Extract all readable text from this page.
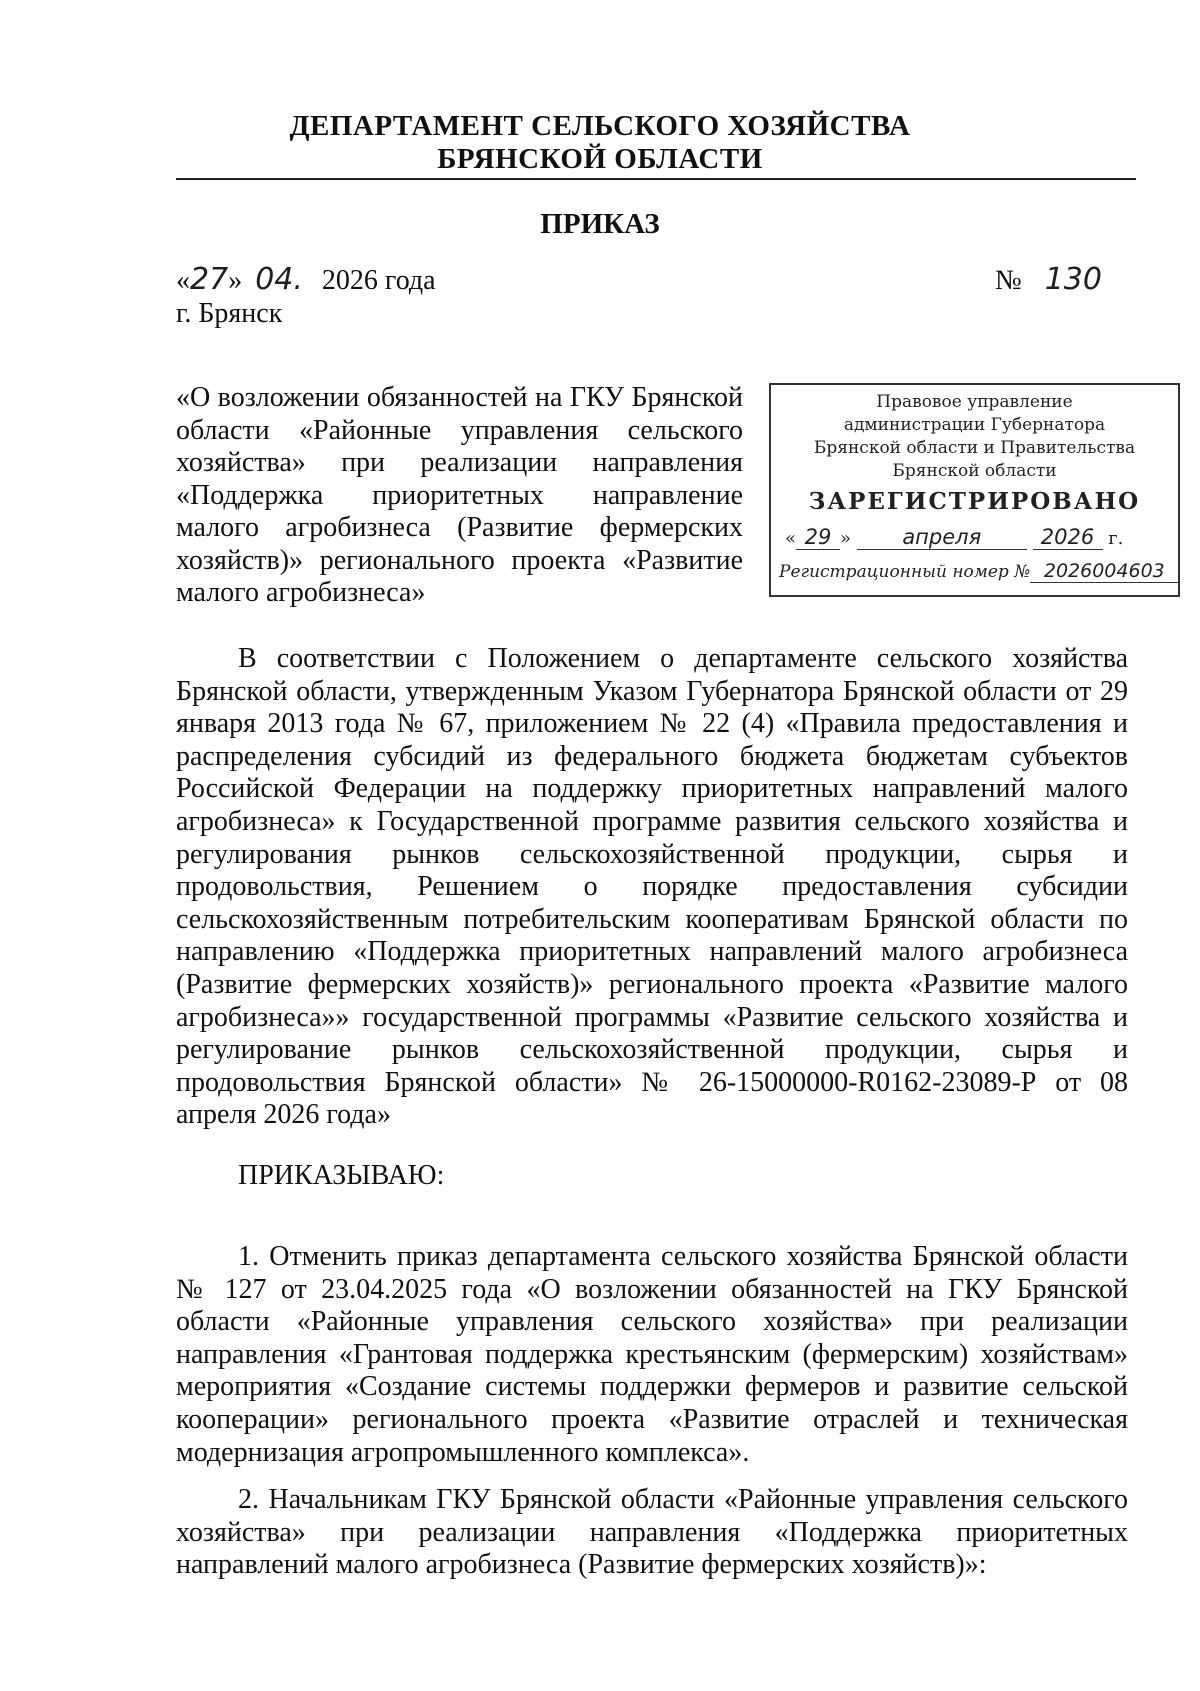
ДЕПАРТАМЕНТ СЕЛЬСКОГО ХОЗЯЙСТВА
БРЯНСКОЙ ОБЛАСТИ
ПРИКАЗ
«27» 04. 2026 года	№ 130
г. Брянск
«О возложении обязанностей на ГКУ Брянской области «Районные управления сельского хозяйства» при реализации направления «Поддержка приоритетных направление малого агробизнеса (Развитие фермерских хозяйств)» регионального проекта «Развитие малого агробизнеса»
Правовое управление
администрации Губернатора
Брянской области и Правительства
Брянской области
ЗАРЕГИСТРИРОВАНО
« 29 » апреля	2026 г.
Регистрационный номер № 2026004603
В соответствии с Положением о департаменте сельского хозяйства Брянской области, утвержденным Указом Губернатора Брянской области от 29 января 2013 года № 67, приложением № 22 (4) «Правила предоставления и распределения субсидий из федерального бюджета бюджетам субъектов Российской Федерации на поддержку приоритетных направлений малого агробизнеса» к Государственной программе развития сельского хозяйства и регулирования рынков сельскохозяйственной продукции, сырья и продовольствия, Решением о порядке предоставления субсидии сельскохозяйственным потребительским кооперативам Брянской области по направлению «Поддержка приоритетных направлений малого агробизнеса (Развитие фермерских хозяйств)» регионального проекта «Развитие малого агробизнеса»» государственной программы «Развитие сельского хозяйства и регулирование рынков сельскохозяйственной продукции, сырья и продовольствия Брянской области» № 26-15000000-R0162-23089-Р от 08 апреля 2026 года»
ПРИКАЗЫВАЮ:
1. Отменить приказ департамента сельского хозяйства Брянской области № 127 от 23.04.2025 года «О возложении обязанностей на ГКУ Брянской области «Районные управления сельского хозяйства» при реализации направления «Грантовая поддержка крестьянским (фермерским) хозяйствам» мероприятия «Создание системы поддержки фермеров и развитие сельской кооперации» регионального проекта «Развитие отраслей и техническая модернизация агропромышленного комплекса».
2. Начальникам ГКУ Брянской области «Районные управления сельского хозяйства» при реализации направления «Поддержка приоритетных направлений малого агробизнеса (Развитие фермерских хозяйств)»:
